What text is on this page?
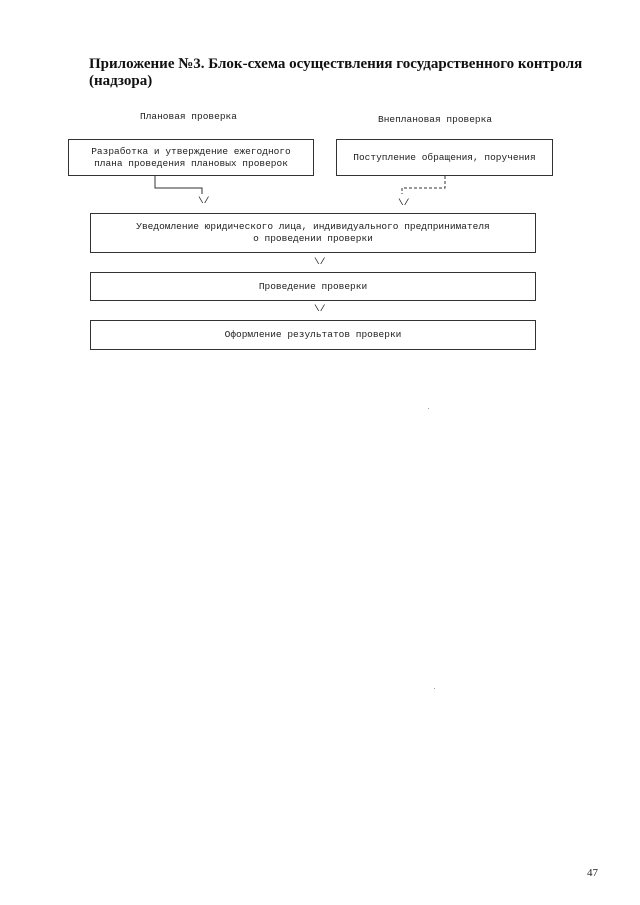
Приложение №3. Блок-схема осуществления государственного контроля (надзора)
Плановая проверка	Внеплановая проверка
Разработка и утверждение ежегодного
плана проведения плановых проверок
Поступление обращения, поручения
\/	\/
Уведомление юридического лица, индивидуального предпринимателя
о проведении проверки
\/
Проведение проверки
\/
Оформление результатов проверки
47
